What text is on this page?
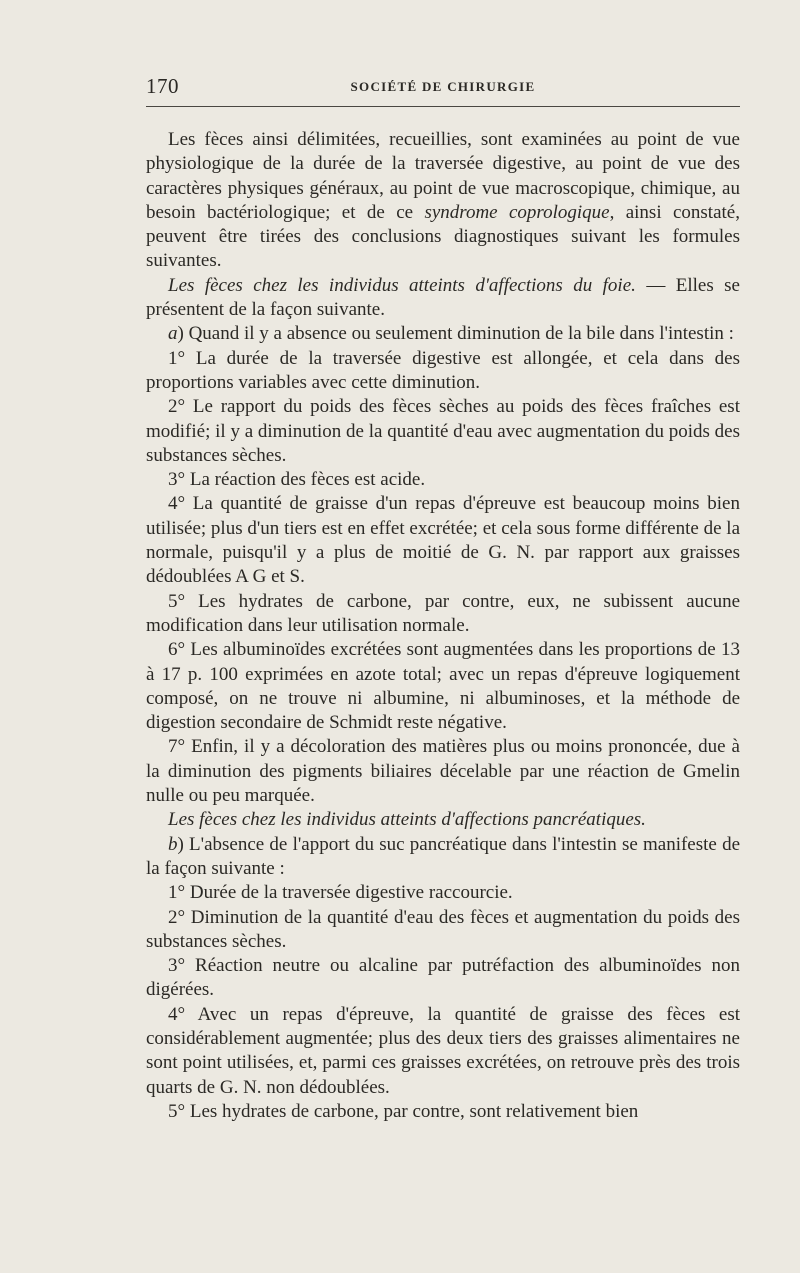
170	SOCIÉTÉ DE CHIRURGIE

Les fèces ainsi délimitées, recueillies, sont examinées au point de vue physiologique de la durée de la traversée digestive, au point de vue des caractères physiques généraux, au point de vue macroscopique, chimique, au besoin bactériologique; et de ce syndrome coprologique, ainsi constaté, peuvent être tirées des conclusions diagnostiques suivant les formules suivantes.

Les fèces chez les individus atteints d'affections du foie. — Elles se présentent de la façon suivante.

a) Quand il y a absence ou seulement diminution de la bile dans l'intestin :

1° La durée de la traversée digestive est allongée, et cela dans des proportions variables avec cette diminution.

2° Le rapport du poids des fèces sèches au poids des fèces fraîches est modifié; il y a diminution de la quantité d'eau avec augmentation du poids des substances sèches.

3° La réaction des fèces est acide.

4° La quantité de graisse d'un repas d'épreuve est beaucoup moins bien utilisée; plus d'un tiers est en effet excrétée; et cela sous forme différente de la normale, puisqu'il y a plus de moitié de G. N. par rapport aux graisses dédoublées A G et S.

5° Les hydrates de carbone, par contre, eux, ne subissent aucune modification dans leur utilisation normale.

6° Les albuminoïdes excrétées sont augmentées dans les proportions de 13 à 17 p. 100 exprimées en azote total; avec un repas d'épreuve logiquement composé, on ne trouve ni albumine, ni albuminoses, et la méthode de digestion secondaire de Schmidt reste négative.

7° Enfin, il y a décoloration des matières plus ou moins prononcée, due à la diminution des pigments biliaires décelable par une réaction de Gmelin nulle ou peu marquée.

Les fèces chez les individus atteints d'affections pancréatiques.

b) L'absence de l'apport du suc pancréatique dans l'intestin se manifeste de la façon suivante :

1° Durée de la traversée digestive raccourcie.

2° Diminution de la quantité d'eau des fèces et augmentation du poids des substances sèches.

3° Réaction neutre ou alcaline par putréfaction des albuminoïdes non digérées.

4° Avec un repas d'épreuve, la quantité de graisse des fèces est considérablement augmentée; plus des deux tiers des graisses alimentaires ne sont point utilisées, et, parmi ces graisses excrétées, on retrouve près des trois quarts de G. N. non dédoublées.

5° Les hydrates de carbone, par contre, sont relativement bien
